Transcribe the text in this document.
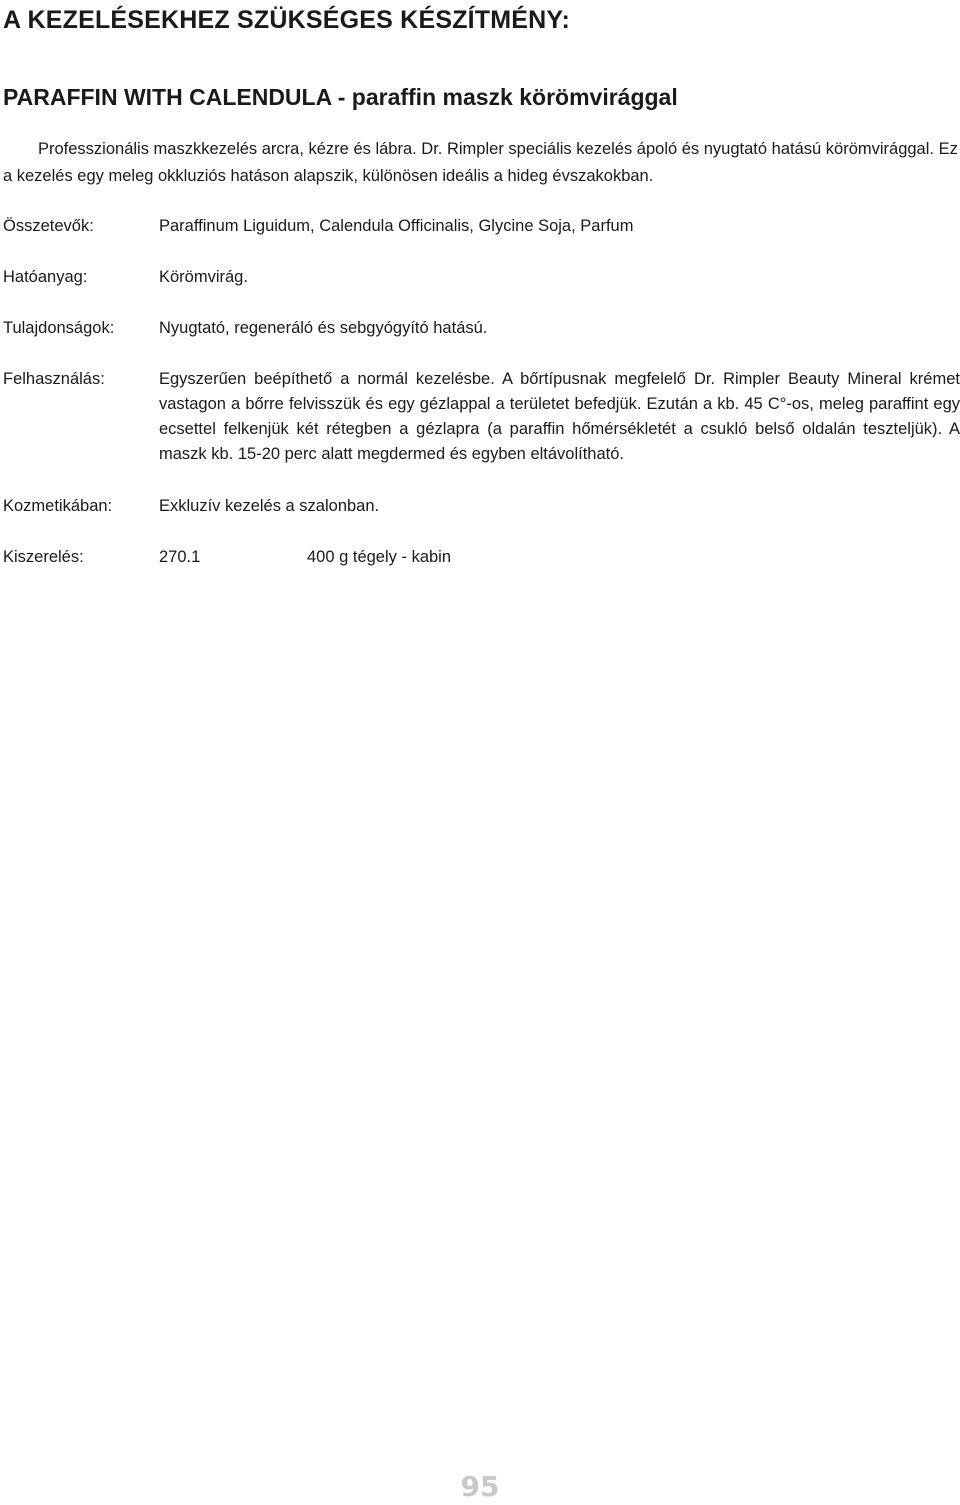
A KEZELÉSEKHEZ SZÜKSÉGES KÉSZÍTMÉNY:
PARAFFIN WITH CALENDULA - paraffin maszk körömvirággal

Professzionális maszkkezelés arcra, kézre és lábra. Dr. Rimpler speciális kezelés ápoló és nyugtató hatású körömvirággal. Ez a kezelés egy meleg okkluziós hatáson alapszik, különösen ideális a hideg évszakokban.

Összetevők:	Paraffinum Liguidum, Calendula Officinalis, Glycine Soja, Parfum
Hatóanyag:	Körömvirág.
Tulajdonságok:	Nyugtató, regeneráló és sebgyógyító hatású.
Felhasználás:	Egyszerűen beépíthető a normál kezelésbe. A bőrtípusnak megfelelő Dr. Rimpler Beauty Mineral krémet vastagon a bőrre felvisszük és egy gézlappal a területet befedjük. Ezután a kb. 45 C°-os, meleg paraffint egy ecsettel felkenjük két rétegben a gézlapra (a paraffin hőmérsékletét a csukló belső oldalán teszteljük). A maszk kb. 15-20 perc alatt megdermed és egyben eltávolítható.
Kozmetikában:	Exkluzív kezelés a szalonban.
Kiszerelés:	270.1	400 g tégely - kabin
95
